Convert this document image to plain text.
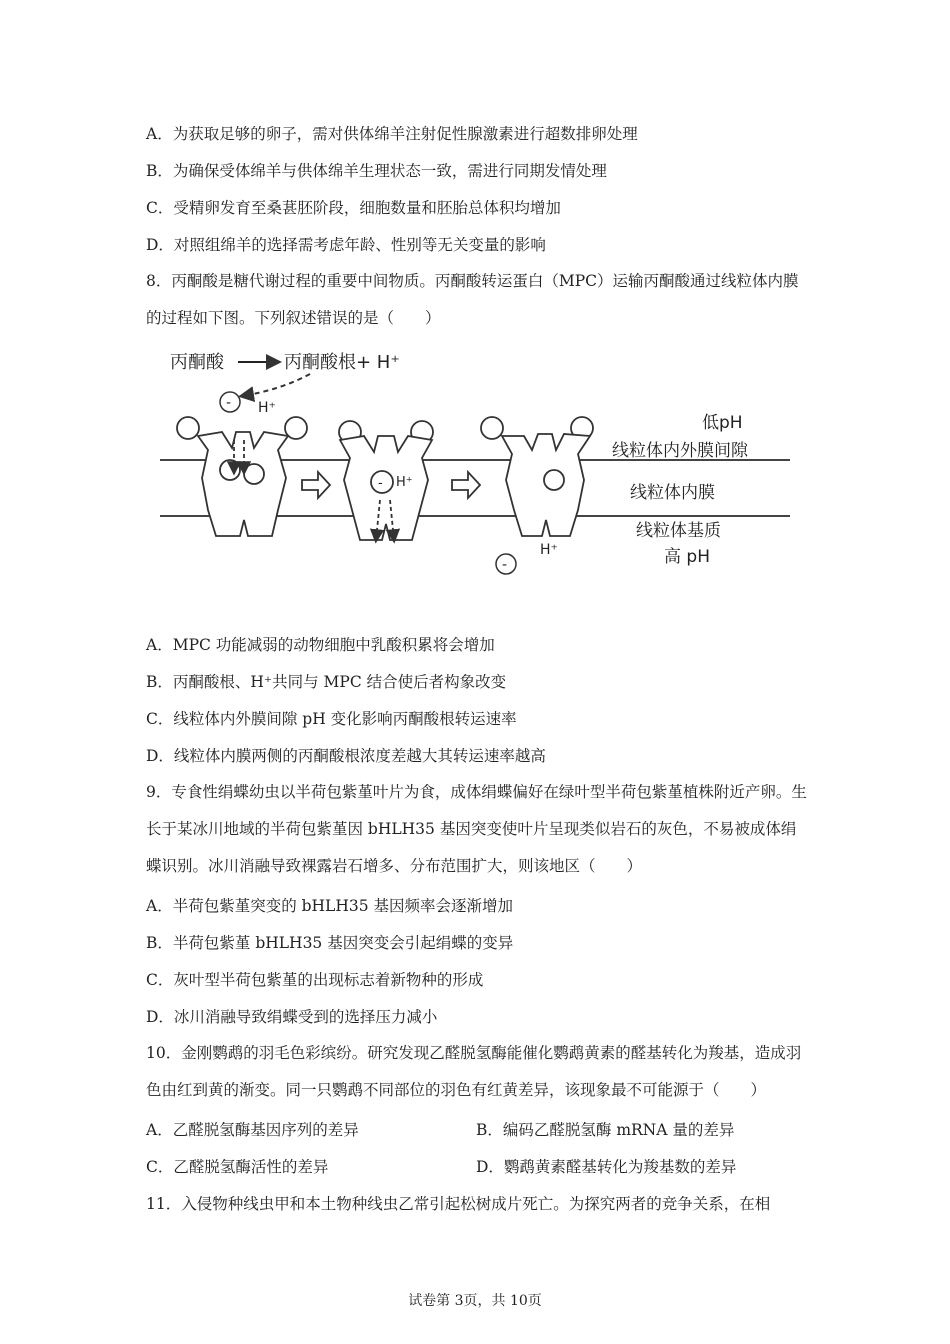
A．为获取足够的卵子，需对供体绵羊注射促性腺激素进行超数排卵处理
B．为确保受体绵羊与供体绵羊生理状态一致，需进行同期发情处理
C．受精卵发育至桑葚胚阶段，细胞数量和胚胎总体积均增加
D．对照组绵羊的选择需考虑年龄、性别等无关变量的影响
8．丙酮酸是糖代谢过程的重要中间物质。丙酮酸转运蛋白（MPC）运输丙酮酸通过线粒体内膜的过程如下图。下列叙述错误的是（　　）
丙酮酸	丙酮酸根+ H⁺
- H⁺
- H⁺
H⁺
-
低pH
线粒体内外膜间隙
线粒体内膜
线粒体基质
高 pH
A．MPC 功能减弱的动物细胞中乳酸积累将会增加
B．丙酮酸根、H⁺共同与 MPC 结合使后者构象改变
C．线粒体内外膜间隙 pH 变化影响丙酮酸根转运速率
D．线粒体内膜两侧的丙酮酸根浓度差越大其转运速率越高
9．专食性绢蝶幼虫以半荷包紫堇叶片为食，成体绢蝶偏好在绿叶型半荷包紫堇植株附近产卵。生长于某冰川地域的半荷包紫堇因 bHLH35 基因突变使叶片呈现类似岩石的灰色，不易被成体绢蝶识别。冰川消融导致裸露岩石增多、分布范围扩大，则该地区（　　）
A．半荷包紫堇突变的 bHLH35 基因频率会逐渐增加
B．半荷包紫堇 bHLH35 基因突变会引起绢蝶的变异
C．灰叶型半荷包紫堇的出现标志着新物种的形成
D．冰川消融导致绢蝶受到的选择压力减小
10．金刚鹦鹉的羽毛色彩缤纷。研究发现乙醛脱氢酶能催化鹦鹉黄素的醛基转化为羧基，造成羽色由红到黄的渐变。同一只鹦鹉不同部位的羽色有红黄差异，该现象最不可能源于（　　）
A．乙醛脱氢酶基因序列的差异	B．编码乙醛脱氢酶 mRNA 量的差异
C．乙醛脱氢酶活性的差异	D．鹦鹉黄素醛基转化为羧基数的差异
11．入侵物种线虫甲和本土物种线虫乙常引起松树成片死亡。为探究两者的竞争关系，在相
试卷第 3页，共 10页
